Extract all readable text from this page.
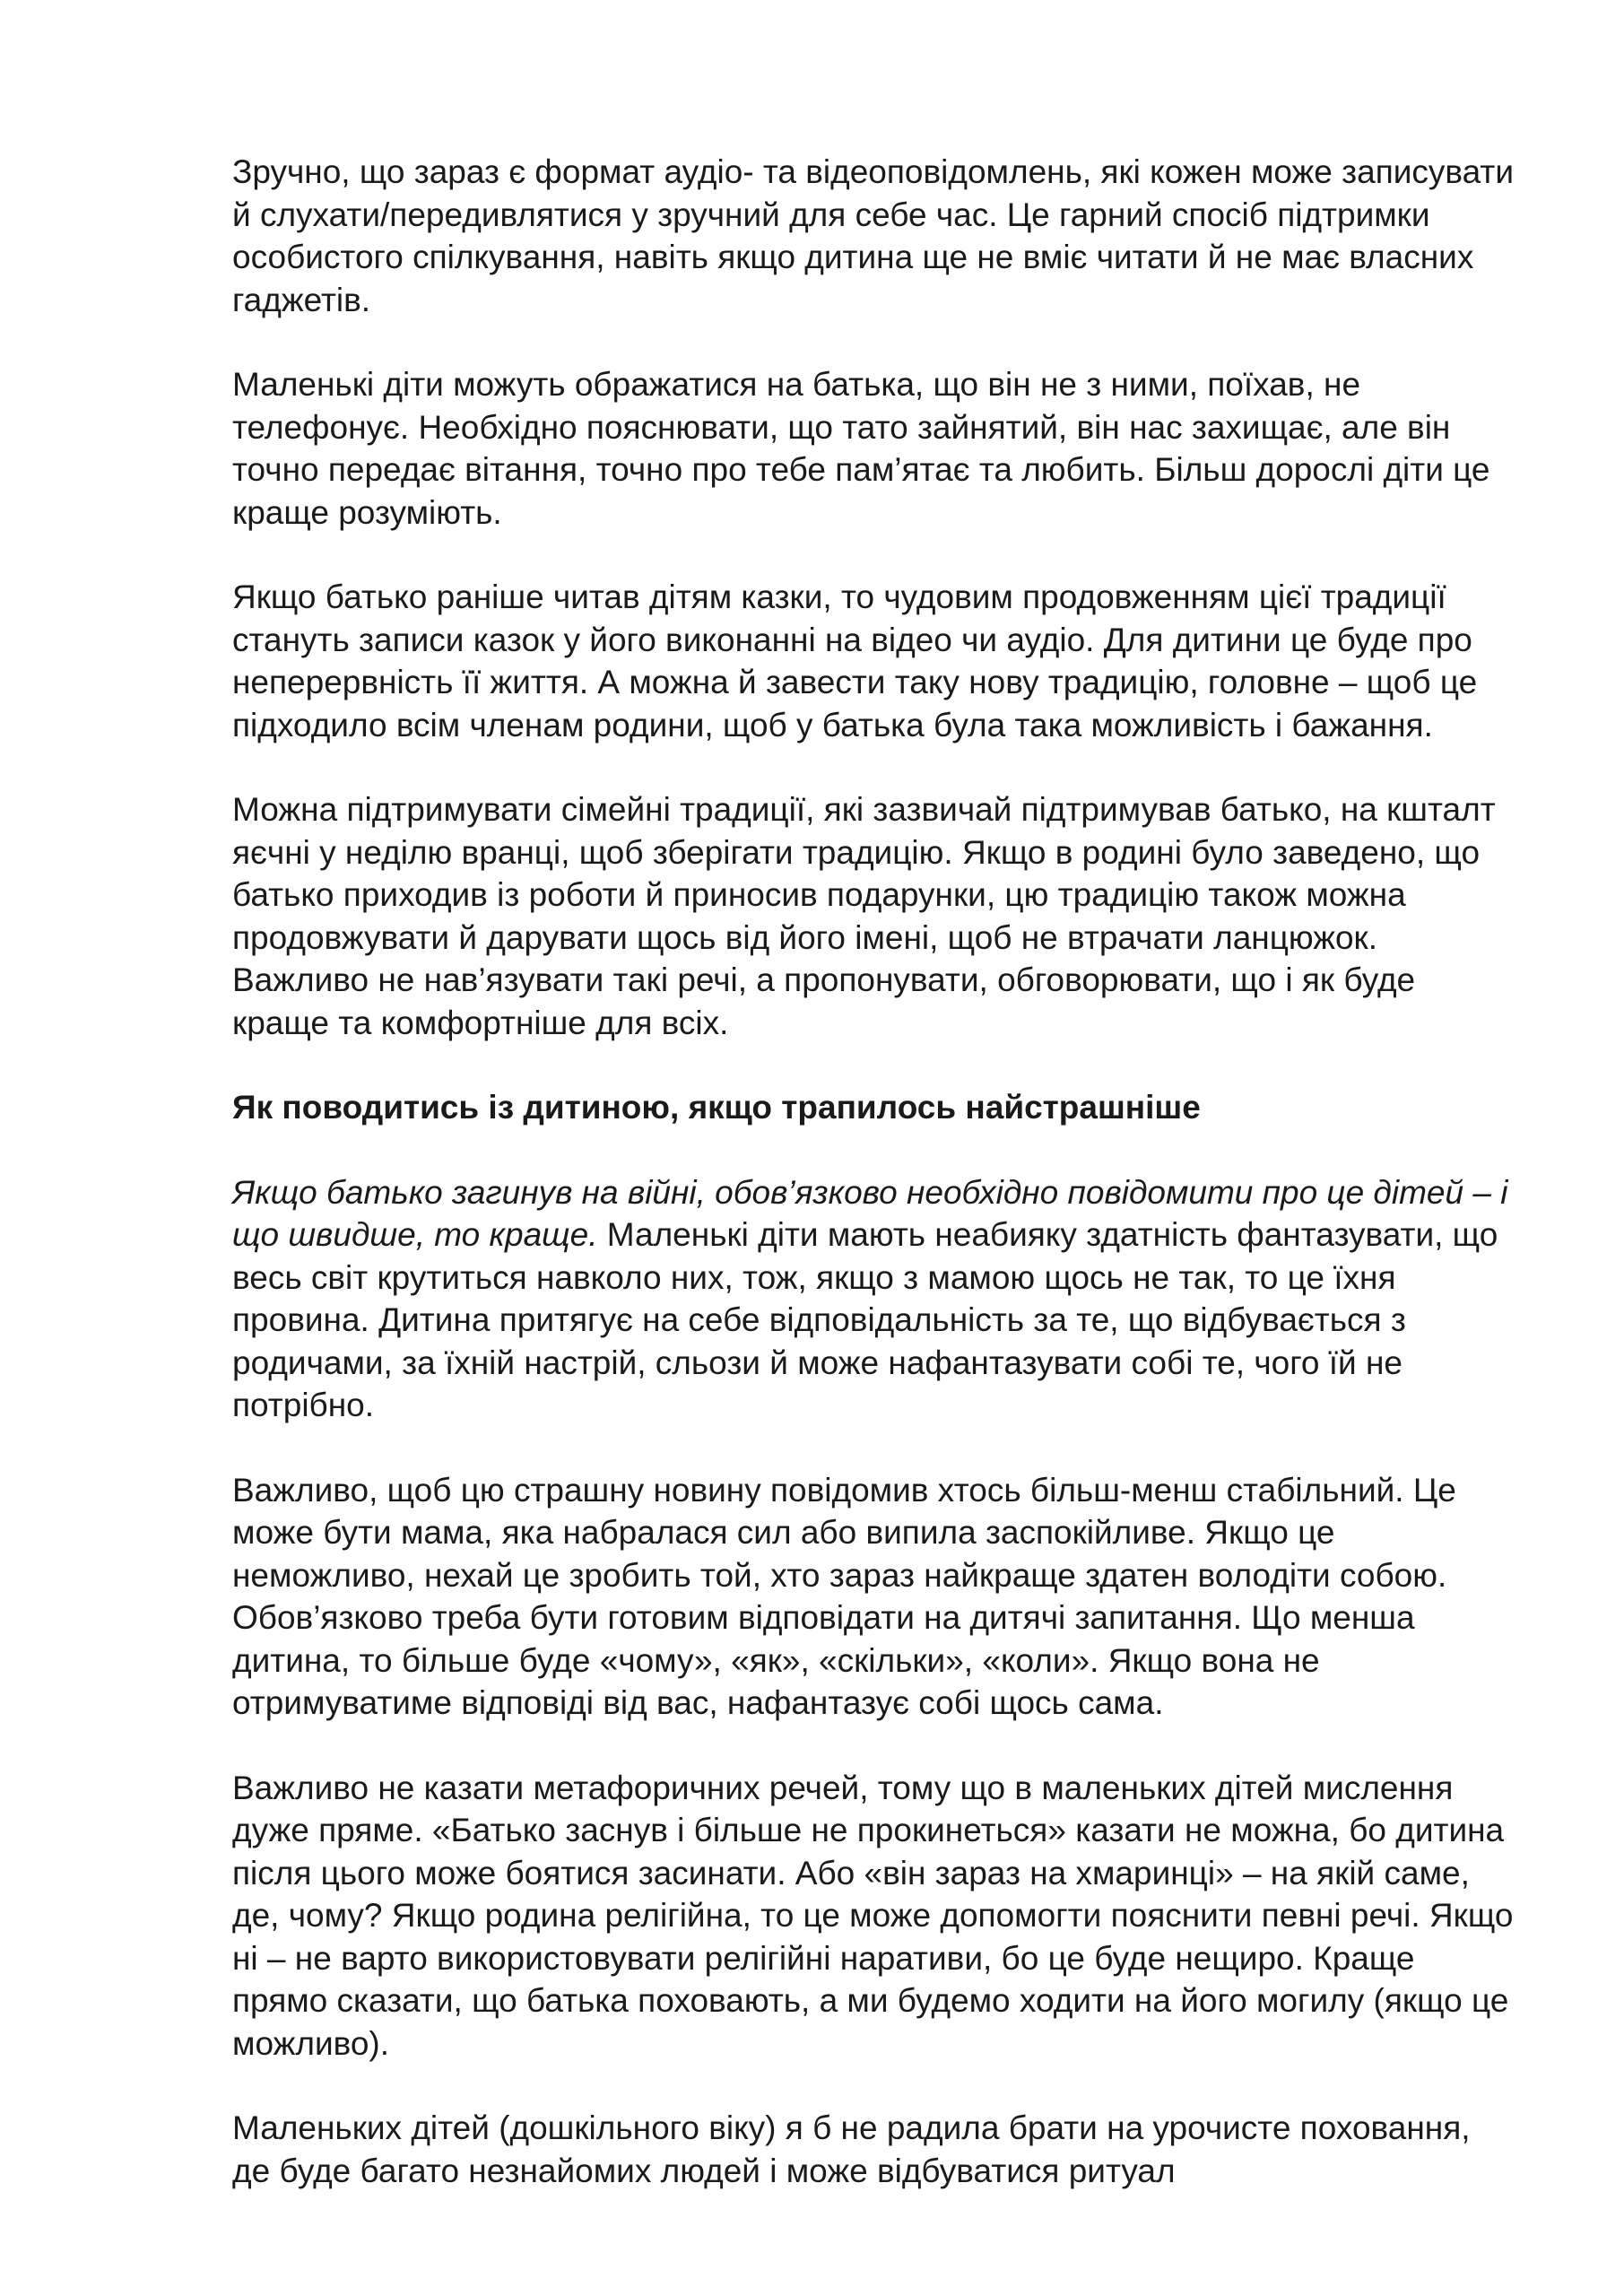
Зручно, що зараз є формат аудіо- та відеоповідомлень, які кожен може записувати й слухати/передивлятися у зручний для себе час. Це гарний спосіб підтримки особистого спілкування, навіть якщо дитина ще не вміє читати й не має власних гаджетів.

Маленькі діти можуть ображатися на батька, що він не з ними, поїхав, не телефонує. Необхідно пояснювати, що тато зайнятий, він нас захищає, але він точно передає вітання, точно про тебе пам’ятає та любить. Більш дорослі діти це краще розуміють.

Якщо батько раніше читав дітям казки, то чудовим продовженням цієї традиції стануть записи казок у його виконанні на відео чи аудіо. Для дитини це буде про неперервність її життя. А можна й завести таку нову традицію, головне – щоб це підходило всім членам родини, щоб у батька була така можливість і бажання.

Можна підтримувати сімейні традиції, які зазвичай підтримував батько, на кшталт яєчні у неділю вранці, щоб зберігати традицію. Якщо в родині було заведено, що батько приходив із роботи й приносив подарунки, цю традицію також можна продовжувати й дарувати щось від його імені, щоб не втрачати ланцюжок. Важливо не нав’язувати такі речі, а пропонувати, обговорювати, що і як буде краще та комфортніше для всіх.

Як поводитись із дитиною, якщо трапилось найстрашніше

Якщо батько загинув на війні, обов’язково необхідно повідомити про це дітей – і що швидше, то краще. Маленькі діти мають неабияку здатність фантазувати, що весь світ крутиться навколо них, тож, якщо з мамою щось не так, то це їхня провина. Дитина притягує на себе відповідальність за те, що відбувається з родичами, за їхній настрій, сльози й може нафантазувати собі те, чого їй не потрібно.

Важливо, щоб цю страшну новину повідомив хтось більш-менш стабільний. Це може бути мама, яка набралася сил або випила заспокійливе. Якщо це неможливо, нехай це зробить той, хто зараз найкраще здатен володіти собою. Обов’язково треба бути готовим відповідати на дитячі запитання. Що менша дитина, то більше буде «чому», «як», «скільки», «коли». Якщо вона не отримуватиме відповіді від вас, нафантазує собі щось сама.

Важливо не казати метафоричних речей, тому що в маленьких дітей мислення дуже пряме. «Батько заснув і більше не прокинеться» казати не можна, бо дитина після цього може боятися засинати. Або «він зараз на хмаринці» – на якій саме, де, чому? Якщо родина релігійна, то це може допомогти пояснити певні речі. Якщо ні – не варто використовувати релігійні наративи, бо це буде нещиро. Краще прямо сказати, що батька поховають, а ми будемо ходити на його могилу (якщо це можливо).

Маленьких дітей (дошкільного віку) я б не радила брати на урочисте поховання, де буде багато незнайомих людей і може відбуватися ритуал
